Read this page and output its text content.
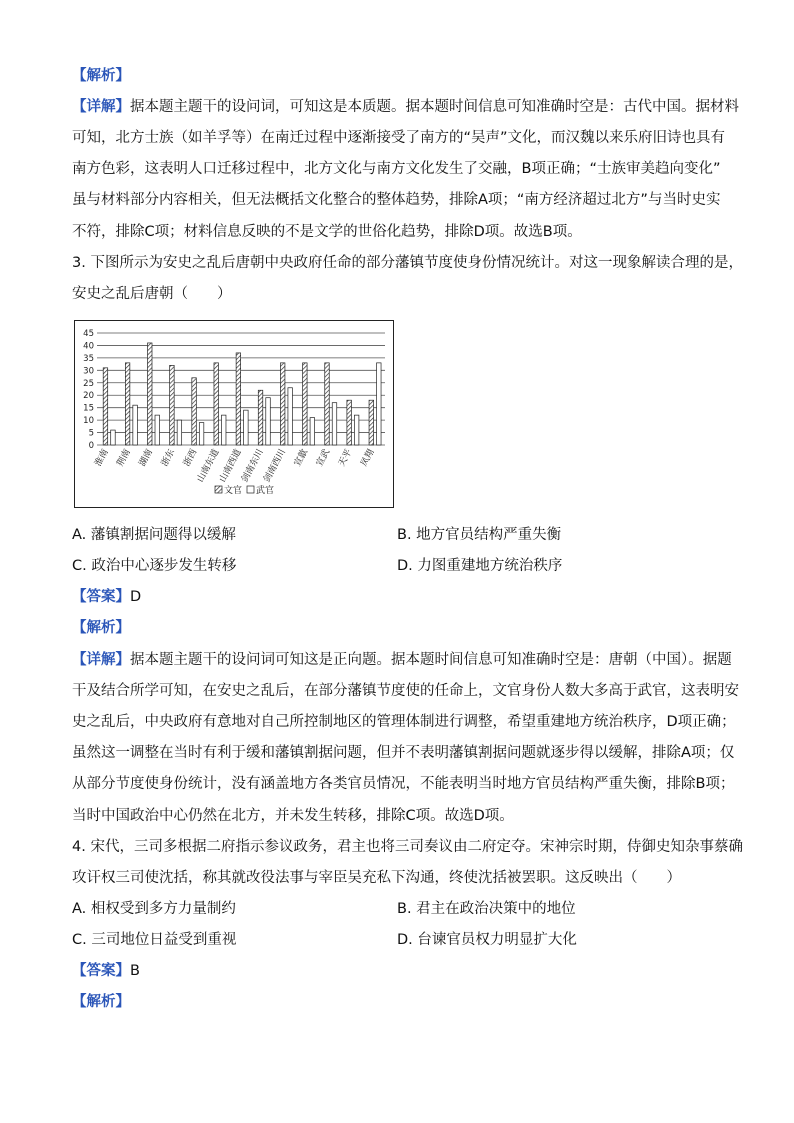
【解析】
【详解】据本题主题干的设问词，可知这是本质题。据本题时间信息可知准确时空是：古代中国。据材料
可知，北方士族（如羊孚等）在南迁过程中逐渐接受了南方的“吴声”文化，而汉魏以来乐府旧诗也具有
南方色彩，这表明人口迁移过程中，北方文化与南方文化发生了交融，B项正确；“士族审美趋向变化”
虽与材料部分内容相关，但无法概括文化整合的整体趋势，排除A项；“南方经济超过北方”与当时史实
不符，排除C项；材料信息反映的不是文学的世俗化趋势，排除D项。故选B项。
3. 下图所示为安史之乱后唐朝中央政府任命的部分藩镇节度使身份情况统计。对这一现象解读合理的是，
安史之乱后唐朝（　　）
0
5
10
15
20
25
30
35
40
45
淮南 荆南 湖南 浙东 浙西
山南东道
山南西道
剑南东川
剑南西川 宣歙 宣武 天平 凤翔
文官 武官
A. 藩镇割据问题得以缓解	B. 地方官员结构严重失衡
C. 政治中心逐步发生转移	D. 力图重建地方统治秩序
【答案】D
【解析】
【详解】据本题主题干的设问词可知这是正向题。据本题时间信息可知准确时空是：唐朝（中国）。据题
干及结合所学可知，在安史之乱后，在部分藩镇节度使的任命上，文官身份人数大多高于武官，这表明安
史之乱后，中央政府有意地对自己所控制地区的管理体制进行调整，希望重建地方统治秩序，D项正确；
虽然这一调整在当时有利于缓和藩镇割据问题，但并不表明藩镇割据问题就逐步得以缓解，排除A项；仅
从部分节度使身份统计，没有涵盖地方各类官员情况，不能表明当时地方官员结构严重失衡，排除B项；
当时中国政治中心仍然在北方，并未发生转移，排除C项。故选D项。
4. 宋代，三司多根据二府指示参议政务，君主也将三司奏议由二府定夺。宋神宗时期，侍御史知杂事蔡确
攻讦权三司使沈括，称其就改役法事与宰臣吴充私下沟通，终使沈括被罢职。这反映出（　　）
A. 相权受到多方力量制约	B. 君主在政治决策中的地位
C. 三司地位日益受到重视	D. 台谏官员权力明显扩大化
【答案】B
【解析】
